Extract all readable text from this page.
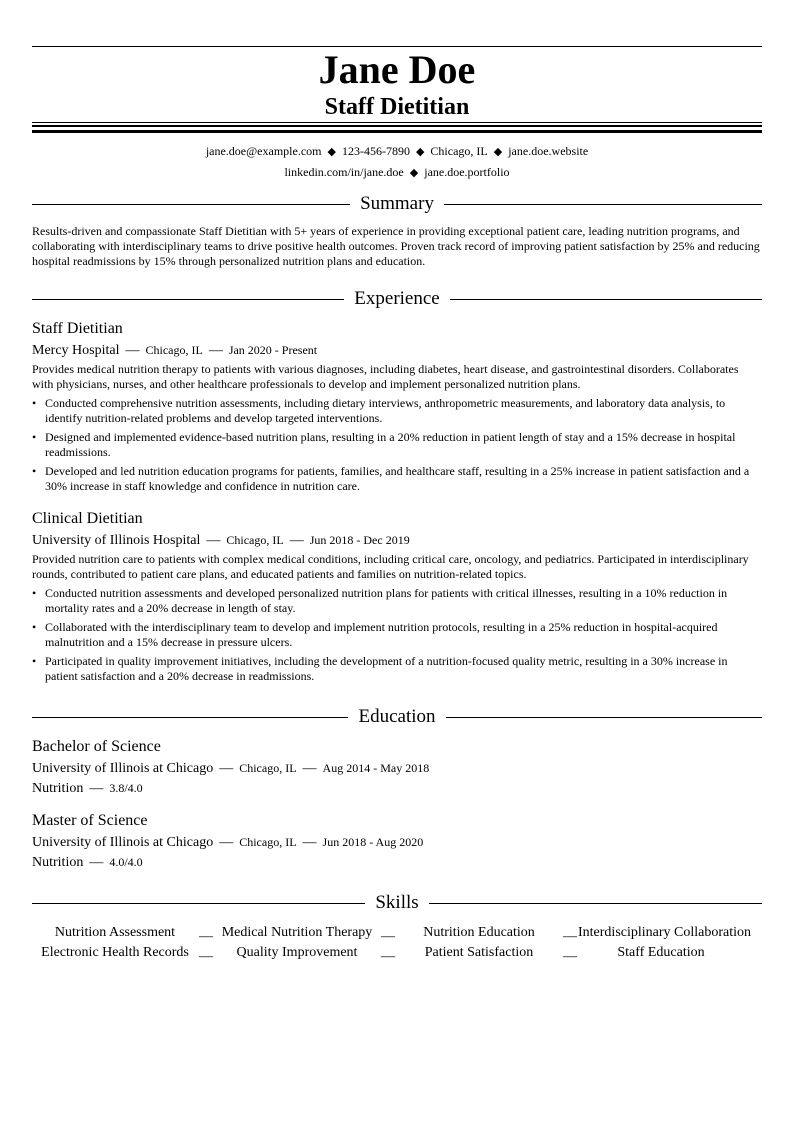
Jane Doe
Staff Dietitian
jane.doe@example.com ◆ 123-456-7890 ◆ Chicago, IL ◆ jane.doe.website
linkedin.com/in/jane.doe ◆ jane.doe.portfolio
Summary
Results-driven and compassionate Staff Dietitian with 5+ years of experience in providing exceptional patient care, leading nutrition programs, and collaborating with interdisciplinary teams to drive positive health outcomes. Proven track record of improving patient satisfaction by 25% and reducing hospital readmissions by 15% through personalized nutrition plans and education.
Experience
Staff Dietitian
Mercy Hospital — Chicago, IL — Jan 2020 - Present
Provides medical nutrition therapy to patients with various diagnoses, including diabetes, heart disease, and gastrointestinal disorders. Collaborates with physicians, nurses, and other healthcare professionals to develop and implement personalized nutrition plans.
• Conducted comprehensive nutrition assessments, including dietary interviews, anthropometric measurements, and laboratory data analysis, to identify nutrition-related problems and develop targeted interventions.
• Designed and implemented evidence-based nutrition plans, resulting in a 20% reduction in patient length of stay and a 15% decrease in hospital readmissions.
• Developed and led nutrition education programs for patients, families, and healthcare staff, resulting in a 25% increase in patient satisfaction and a 30% increase in staff knowledge and confidence in nutrition care.
Clinical Dietitian
University of Illinois Hospital — Chicago, IL — Jun 2018 - Dec 2019
Provided nutrition care to patients with complex medical conditions, including critical care, oncology, and pediatrics. Participated in interdisciplinary rounds, contributed to patient care plans, and educated patients and families on nutrition-related topics.
• Conducted nutrition assessments and developed personalized nutrition plans for patients with critical illnesses, resulting in a 10% reduction in mortality rates and a 20% decrease in length of stay.
• Collaborated with the interdisciplinary team to develop and implement nutrition protocols, resulting in a 25% reduction in hospital-acquired malnutrition and a 15% decrease in pressure ulcers.
• Participated in quality improvement initiatives, including the development of a nutrition-focused quality metric, resulting in a 30% increase in patient satisfaction and a 20% decrease in readmissions.
Education
Bachelor of Science
University of Illinois at Chicago — Chicago, IL — Aug 2014 - May 2018
Nutrition — 3.8/4.0
Master of Science
University of Illinois at Chicago — Chicago, IL — Jun 2018 - Aug 2020
Nutrition — 4.0/4.0
Skills
Nutrition Assessment	— Medical Nutrition Therapy —	Nutrition Education	— Interdisciplinary Collaboration
Electronic Health Records —	Quality Improvement	—	Patient Satisfaction	—	Staff Education
